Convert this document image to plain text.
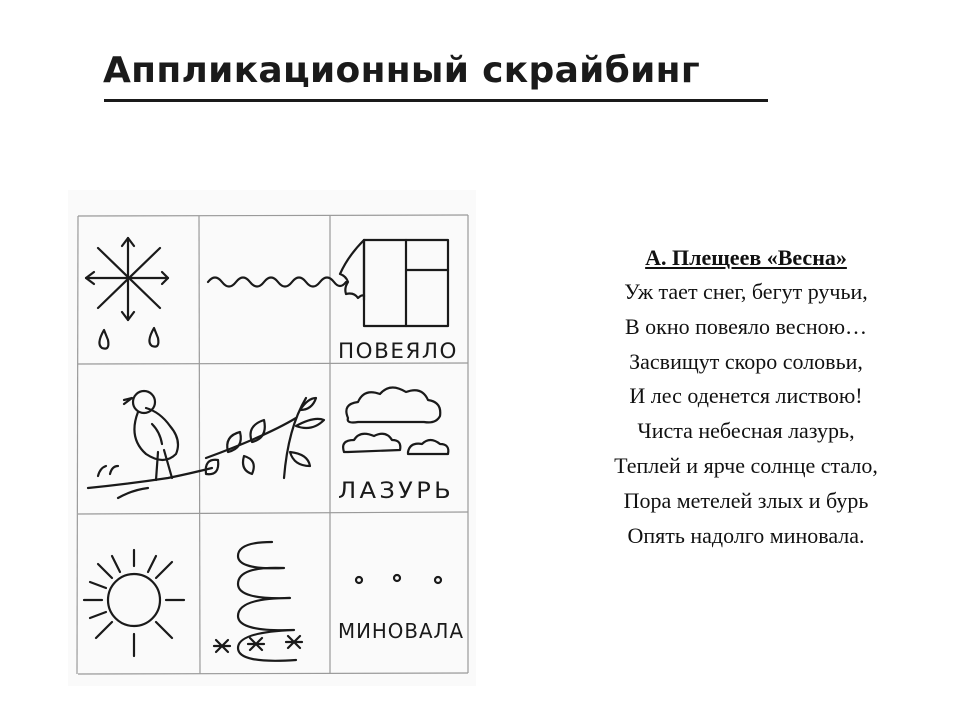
Аппликационный скрайбинг
ПОВЕЯЛО
ЛАЗУРЬ
МИНОВАЛА
А. Плещеев «Весна»
Уж тает снег, бегут ручьи,
В окно повеяло весною…
Засвищут скоро соловьи,
И лес оденется листвою!
Чиста небесная лазурь,
Теплей и ярче солнце стало,
Пора метелей злых и бурь
Опять надолго миновала.
